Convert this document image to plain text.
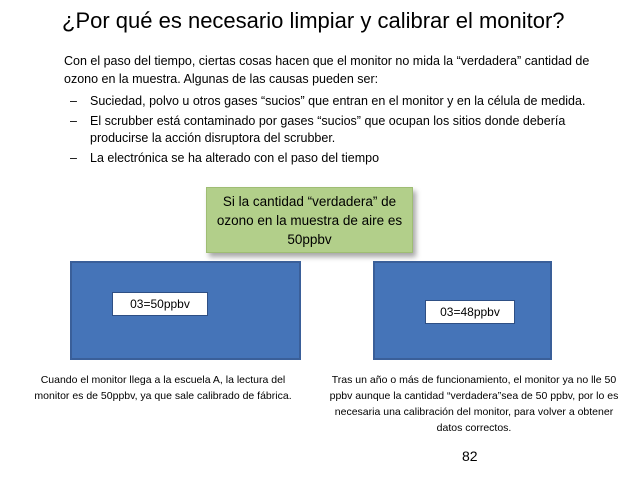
¿Por qué es necesario limpiar y calibrar el monitor?
Con el paso del tiempo, ciertas cosas hacen que el monitor no mida la “verdadera” cantidad de ozono en la muestra. Algunas de las causas pueden ser:
– Suciedad, polvo u otros gases “sucios” que entran en el monitor y en la célula de medida.
– El scrubber está contaminado por gases “sucios” que ocupan los sitios donde debería producirse la acción disruptora del scrubber.
– La electrónica se ha alterado con el paso del tiempo
Si la cantidad “verdadera” de ozono en la muestra de aire es 50ppbv
03=50ppbv
03=48ppbv
Cuando el monitor llega a la escuela A, la lectura del monitor es de 50ppbv, ya que sale calibrado de fábrica.
Tras un año o más de funcionamiento, el monitor ya no lle 50 ppbv aunque la cantidad “verdadera”sea de 50 ppbv, por lo es necesaria una calibración del monitor, para volver a obtener datos correctos.
82
